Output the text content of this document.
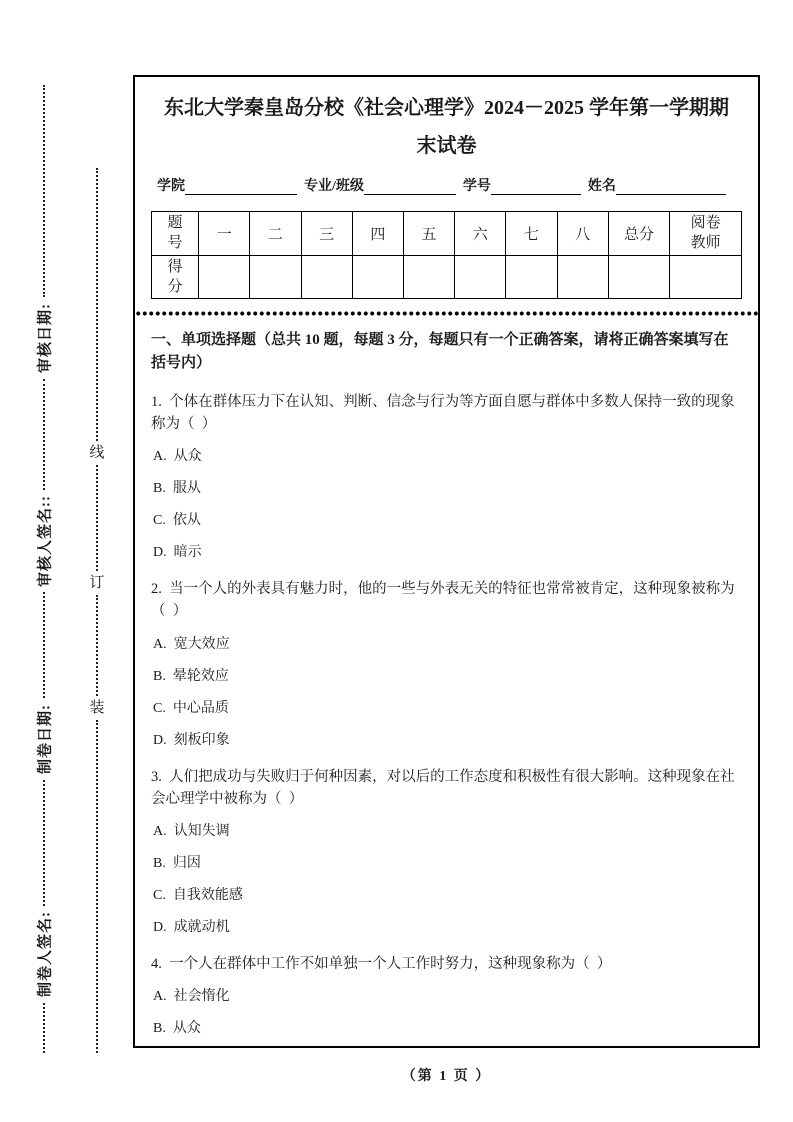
审核日期:
审核人签名::
制卷日期:
制卷人签名:
线
订
装
东北大学秦皇岛分校《社会心理学》2024－2025 学年第一学期期
末试卷
学院	专业/班级	学号	姓名
题号	一	二	三	四	五	六	七	八	总分	阅卷教师
得分										

一、单项选择题（总共 10 题，每题 3 分，每题只有一个正确答案，请将正确答案填写在括号内）

1.  个体在群体压力下在认知、判断、信念与行为等方面自愿与群体中多数人保持一致的现象称为（  ）

A.  从众

B.  服从

C.  依从

D.  暗示

2.  当一个人的外表具有魅力时，他的一些与外表无关的特征也常常被肯定，这种现象被称为（  ）

A.  宽大效应

B.  晕轮效应

C.  中心品质

D.  刻板印象

3.  人们把成功与失败归于何种因素，对以后的工作态度和积极性有很大影响。这种现象在社会心理学中被称为（  ）

A.  认知失调

B.  归因

C.  自我效能感

D.  成就动机

4.  一个人在群体中工作不如单独一个人工作时努力，这种现象称为（  ）

A.  社会惰化

B.  从众

（第 1 页 ）
